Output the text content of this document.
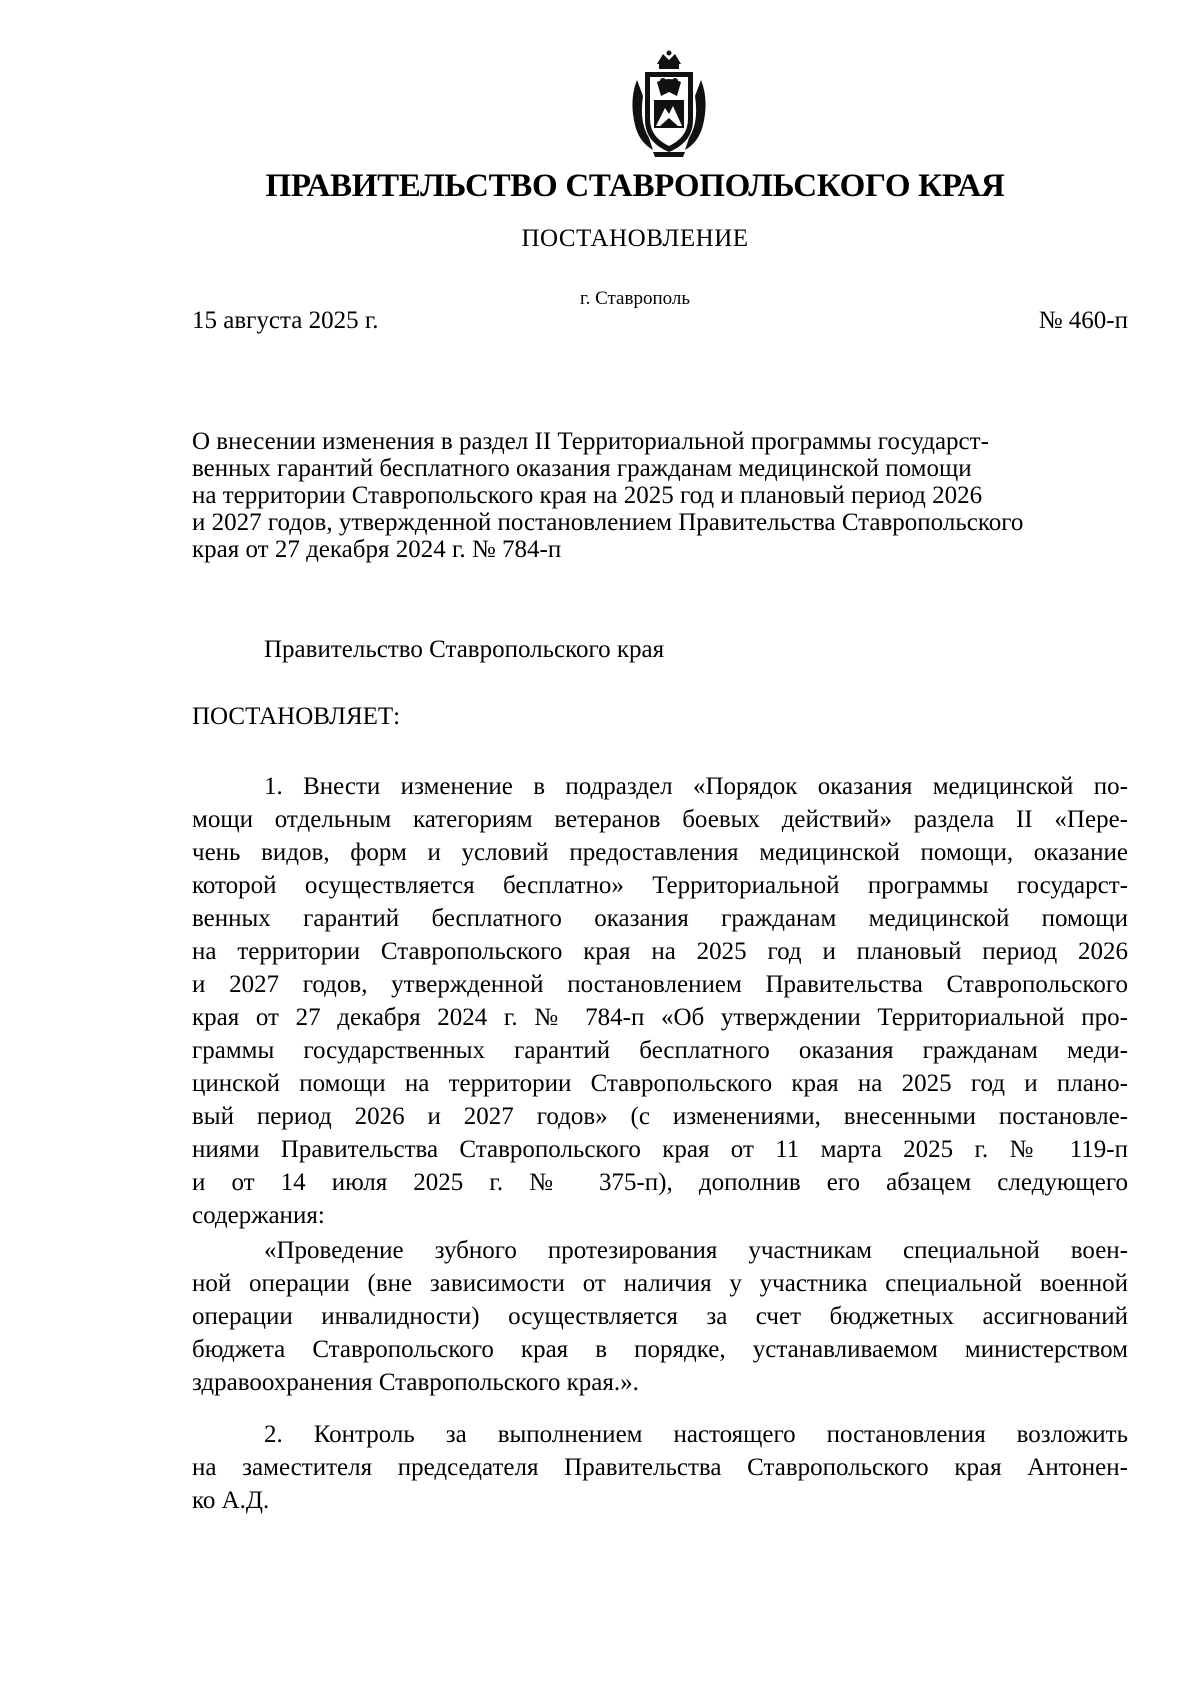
ПРАВИТЕЛЬСТВО СТАВРОПОЛЬСКОГО КРАЯ
ПОСТАНОВЛЕНИЕ
г. Ставрополь
15 августа 2025 г.	№ 460-п
О внесении изменения в раздел II Территориальной программы государст-
венных гарантий бесплатного оказания гражданам медицинской помощи
на территории Ставропольского края на 2025 год и плановый период 2026
и 2027 годов, утвержденной постановлением Правительства Ставропольского
края от 27 декабря 2024 г. № 784-п
Правительство Ставропольского края
ПОСТАНОВЛЯЕТ:
1. Внести изменение в подраздел «Порядок оказания медицинской по-
мощи отдельным категориям ветеранов боевых действий» раздела II «Пере-
чень видов, форм и условий предоставления медицинской помощи, оказание
которой осуществляется бесплатно» Территориальной программы государст-
венных гарантий бесплатного оказания гражданам медицинской помощи
на территории Ставропольского края на 2025 год и плановый период 2026
и 2027 годов, утвержденной постановлением Правительства Ставропольского
края от 27 декабря 2024 г. № 784-п «Об утверждении Территориальной про-
граммы государственных гарантий бесплатного оказания гражданам меди-
цинской помощи на территории Ставропольского края на 2025 год и плано-
вый период 2026 и 2027 годов» (с изменениями, внесенными постановле-
ниями Правительства Ставропольского края от 11 марта 2025 г. № 119-п
и от 14 июля 2025 г. № 375-п), дополнив его абзацем следующего
содержания:
«Проведение зубного протезирования участникам специальной воен-
ной операции (вне зависимости от наличия у участника специальной военной
операции инвалидности) осуществляется за счет бюджетных ассигнований
бюджета Ставропольского края в порядке, устанавливаемом министерством
здравоохранения Ставропольского края.».
2. Контроль за выполнением настоящего постановления возложить
на заместителя председателя Правительства Ставропольского края Антонен-
ко А.Д.
